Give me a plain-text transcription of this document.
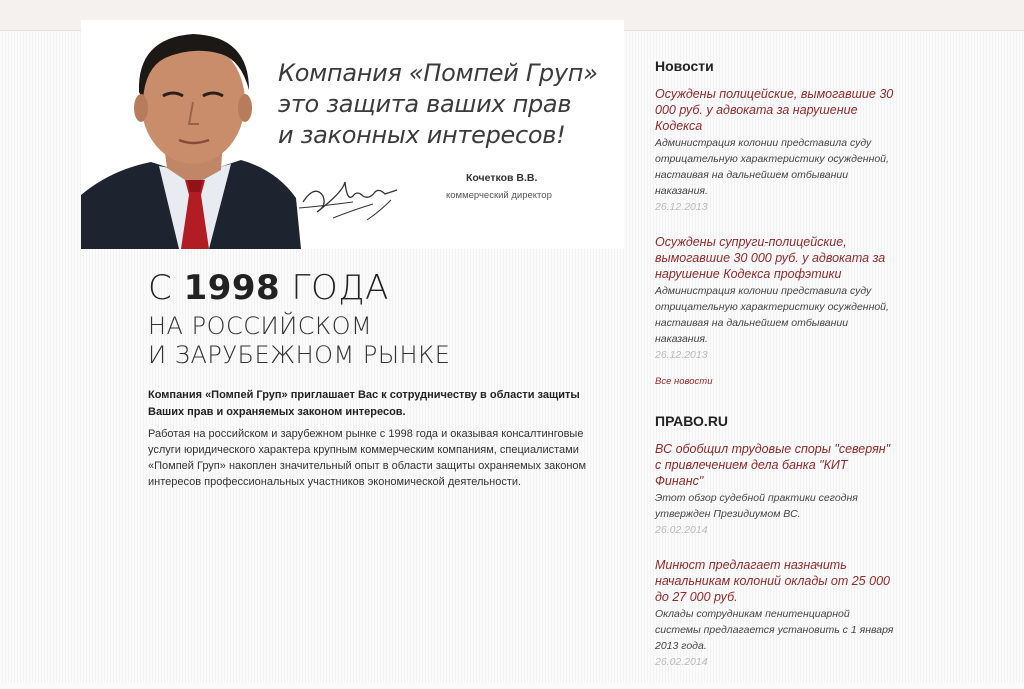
Компания «Помпей Груп»
это защита ваших прав
и законных интересов!
Кочетков В.В.
коммерческий директор
С 1998 ГОДА
НА РОССИЙСКОМ
И ЗАРУБЕЖНОМ РЫНКЕ
Компания «Помпей Груп» приглашает Вас к сотрудничеству в области защиты Ваших прав и охраняемых законом интересов.
Работая на российском и зарубежном рынке с 1998 года и оказывая консалтинговые услуги юридического характера крупным коммерческим компаниям, специалистами «Помпей Груп» накоплен значительный опыт в области защиты охраняемых законом интересов профессиональных участников экономической деятельности.
Новости
Осуждены полицейские, вымогавшие 30 000 руб. у адвоката за нарушение Кодекса
Администрация колонии представила суду отрицательную характеристику осужденной, настаивая на дальнейшем отбывании наказания.
26.12.2013
Осуждены супруги-полицейские, вымогавшие 30 000 руб. у адвоката за нарушение Кодекса профэтики
Администрация колонии представила суду отрицательную характеристику осужденной, настаивая на дальнейшем отбывании наказания.
26.12.2013
Все новости
ПРАВО.RU
ВС обобщил трудовые споры "северян" с привлечением дела банка "КИТ Финанс"
Этот обзор судебной практики сегодня утвержден Президиумом ВС.
26.02.2014
Минюст предлагает назначить начальникам колоний оклады от 25 000 до 27 000 руб.
Оклады сотрудникам пенитенциарной системы предлагается установить с 1 января 2013 года.
26.02.2014
